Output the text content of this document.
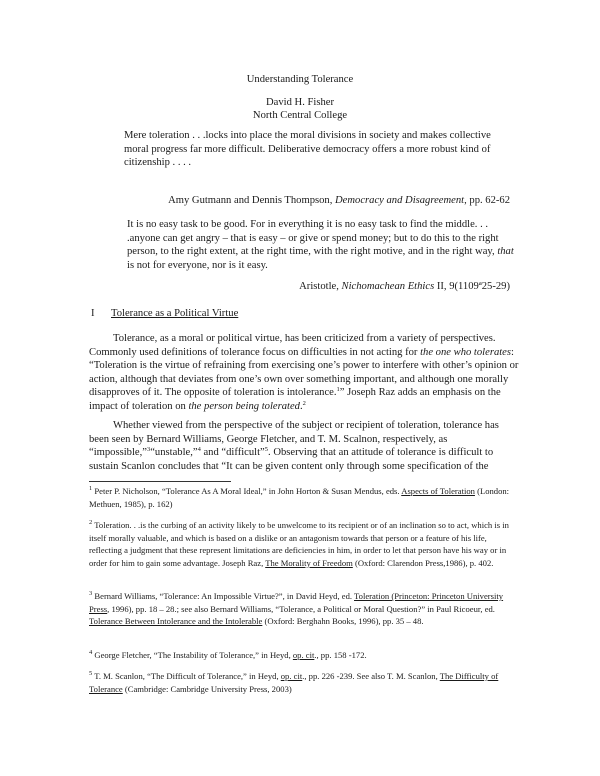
Understanding Tolerance
David H. Fisher
North Central College
Mere toleration . . .locks into place the moral divisions in society and makes collective moral progress far more difficult. Deliberative democracy offers a more robust kind of citizenship . . . .
Amy Gutmann and Dennis Thompson, Democracy and Disagreement, pp. 62-62
It is no easy task to be good. For in everything it is no easy task to find the middle. . . .anyone can get angry – that is easy – or give or spend money; but to do this to the right person, to the right extent, at the right time, with the right motive, and in the right way, that is not for everyone, nor is it easy.
Aristotle, Nichomachean Ethics II, 9(1109ª25-29)
I Tolerance as a Political Virtue
Tolerance, as a moral or political virtue, has been criticized from a variety of perspectives. Commonly used definitions of tolerance focus on difficulties in not acting for the one who tolerates: “Toleration is the virtue of refraining from exercising one’s power to interfere with other’s opinion or action, although that deviates from one’s own over something important, and although one morally disapproves of it. The opposite of toleration is intolerance.$^1$” Joseph Raz adds an emphasis on the impact of toleration on the person being tolerated.$^2$
Whether viewed from the perspective of the subject or recipient of toleration, tolerance has been seen by Bernard Williams, George Fletcher, and T. M. Scalnon, respectively, as “impossible,”$^3$“unstable,”$^4$ and “difficult”$^5$. Observing that an attitude of tolerance is difficult to sustain Scanlon concludes that “It can be given content only through some specification of the
$^1$ Peter P. Nicholson, “Tolerance As A Moral Ideal,” in John Horton & Susan Mendus, eds. Aspects of Toleration (London: Methuen, 1985), p. 162)
$^2$ Toleration. . .is the curbing of an activity likely to be unwelcome to its recipient or of an inclination so to act, which is in itself morally valuable, and which is based on a dislike or an antagonism towards that person or a feature of his life, reflecting a judgment that these represent limitations are deficiencies in him, in order to let that person have his way or in order for him to gain some advantage. Joseph Raz, The Morality of Freedom (Oxford: Clarendon Press,1986), p. 402.
$^3$ Bernard Williams, “Tolerance: An Impossible Virtue?”, in David Heyd, ed. Toleration (Princeton: Princeton University Press, 1996), pp. 18 – 28.; see also Bernard Williams, “Tolerance, a Political or Moral Question?” in Paul Ricoeur, ed. Tolerance Between Intolerance and the Intolerable (Oxford: Berghahn Books, 1996), pp. 35 – 48.
$^4$ George Fletcher, “The Instability of Tolerance,” in Heyd, op. cit., pp. 158 -172.
$^5$ T. M. Scanlon, “The Difficult of Tolerance,” in Heyd, op. cit., pp. 226 -239. See also T. M. Scanlon, The Difficulty of Tolerance (Cambridge: Cambridge University Press, 2003)
